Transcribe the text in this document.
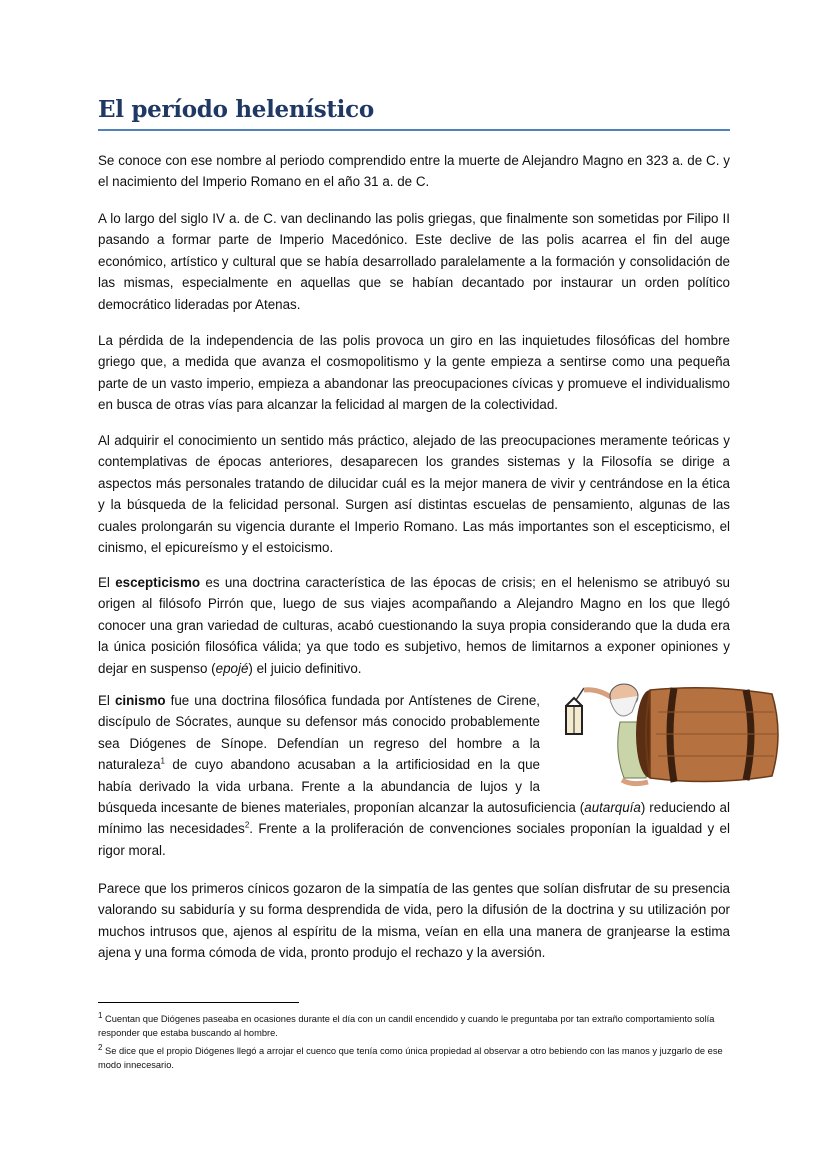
El período helenístico

Se conoce con ese nombre al periodo comprendido entre la muerte de Alejandro Magno en 323 a. de C. y el nacimiento del Imperio Romano en el año 31 a. de C.

A lo largo del siglo IV a. de C. van declinando las polis griegas, que finalmente son sometidas por Filipo II pasando a formar parte de Imperio Macedónico. Este declive de las polis acarrea el fin del auge económico, artístico y cultural que se había desarrollado paralelamente a la formación y consolidación de las mismas, especialmente en aquellas que se habían decantado por instaurar un orden político democrático lideradas por Atenas.

La pérdida de la independencia de las polis provoca un giro en las inquietudes filosóficas del hombre griego que, a medida que avanza el cosmopolitismo y la gente empieza a sentirse como una pequeña parte de un vasto imperio, empieza a abandonar las preocupaciones cívicas y promueve el individualismo en busca de otras vías para alcanzar la felicidad al margen de la colectividad.

Al adquirir el conocimiento un sentido más práctico, alejado de las preocupaciones meramente teóricas y contemplativas de épocas anteriores, desaparecen los grandes sistemas y la Filosofía se dirige a aspectos más personales tratando de dilucidar cuál es la mejor manera de vivir y centrándose en la ética y la búsqueda de la felicidad personal. Surgen así distintas escuelas de pensamiento, algunas de las cuales prolongarán su vigencia durante el Imperio Romano. Las más importantes son el escepticismo, el cinismo, el epicureísmo y el estoicismo.

El escepticismo es una doctrina característica de las épocas de crisis; en el helenismo se atribuyó su origen al filósofo Pirrón que, luego de sus viajes acompañando a Alejandro Magno en los que llegó conocer una gran variedad de culturas, acabó cuestionando la suya propia considerando que la duda era la única posición filosófica válida; ya que todo es subjetivo, hemos de limitarnos a exponer opiniones y dejar en suspenso (epojé) el juicio definitivo.

El cinismo fue una doctrina filosófica fundada por Antístenes de Cirene, discípulo de Sócrates, aunque su defensor más conocido probablemente sea Diógenes de Sínope. Defendían un regreso del hombre a la naturaleza$^1$ de cuyo abandono acusaban a la artificiosidad en la que había derivado la vida urbana. Frente a la abundancia de lujos y la búsqueda incesante de bienes materiales, proponían alcanzar la autosuficiencia (autarquía) reduciendo al mínimo las necesidades$^2$. Frente a la proliferación de convenciones sociales proponían la igualdad y el rigor moral.

Parece que los primeros cínicos gozaron de la simpatía de las gentes que solían disfrutar de su presencia valorando su sabiduría y su forma desprendida de vida, pero la difusión de la doctrina y su utilización por muchos intrusos que, ajenos al espíritu de la misma, veían en ella una manera de granjearse la estima ajena y una forma cómoda de vida, pronto produjo el rechazo y la aversión.

$^1$ Cuentan que Diógenes paseaba en ocasiones durante el día con un candil encendido y cuando le preguntaba por tan extraño comportamiento solía responder que estaba buscando al hombre.
$^2$ Se dice que el propio Diógenes llegó a arrojar el cuenco que tenía como única propiedad al observar a otro bebiendo con las manos y juzgarlo de ese modo innecesario.
